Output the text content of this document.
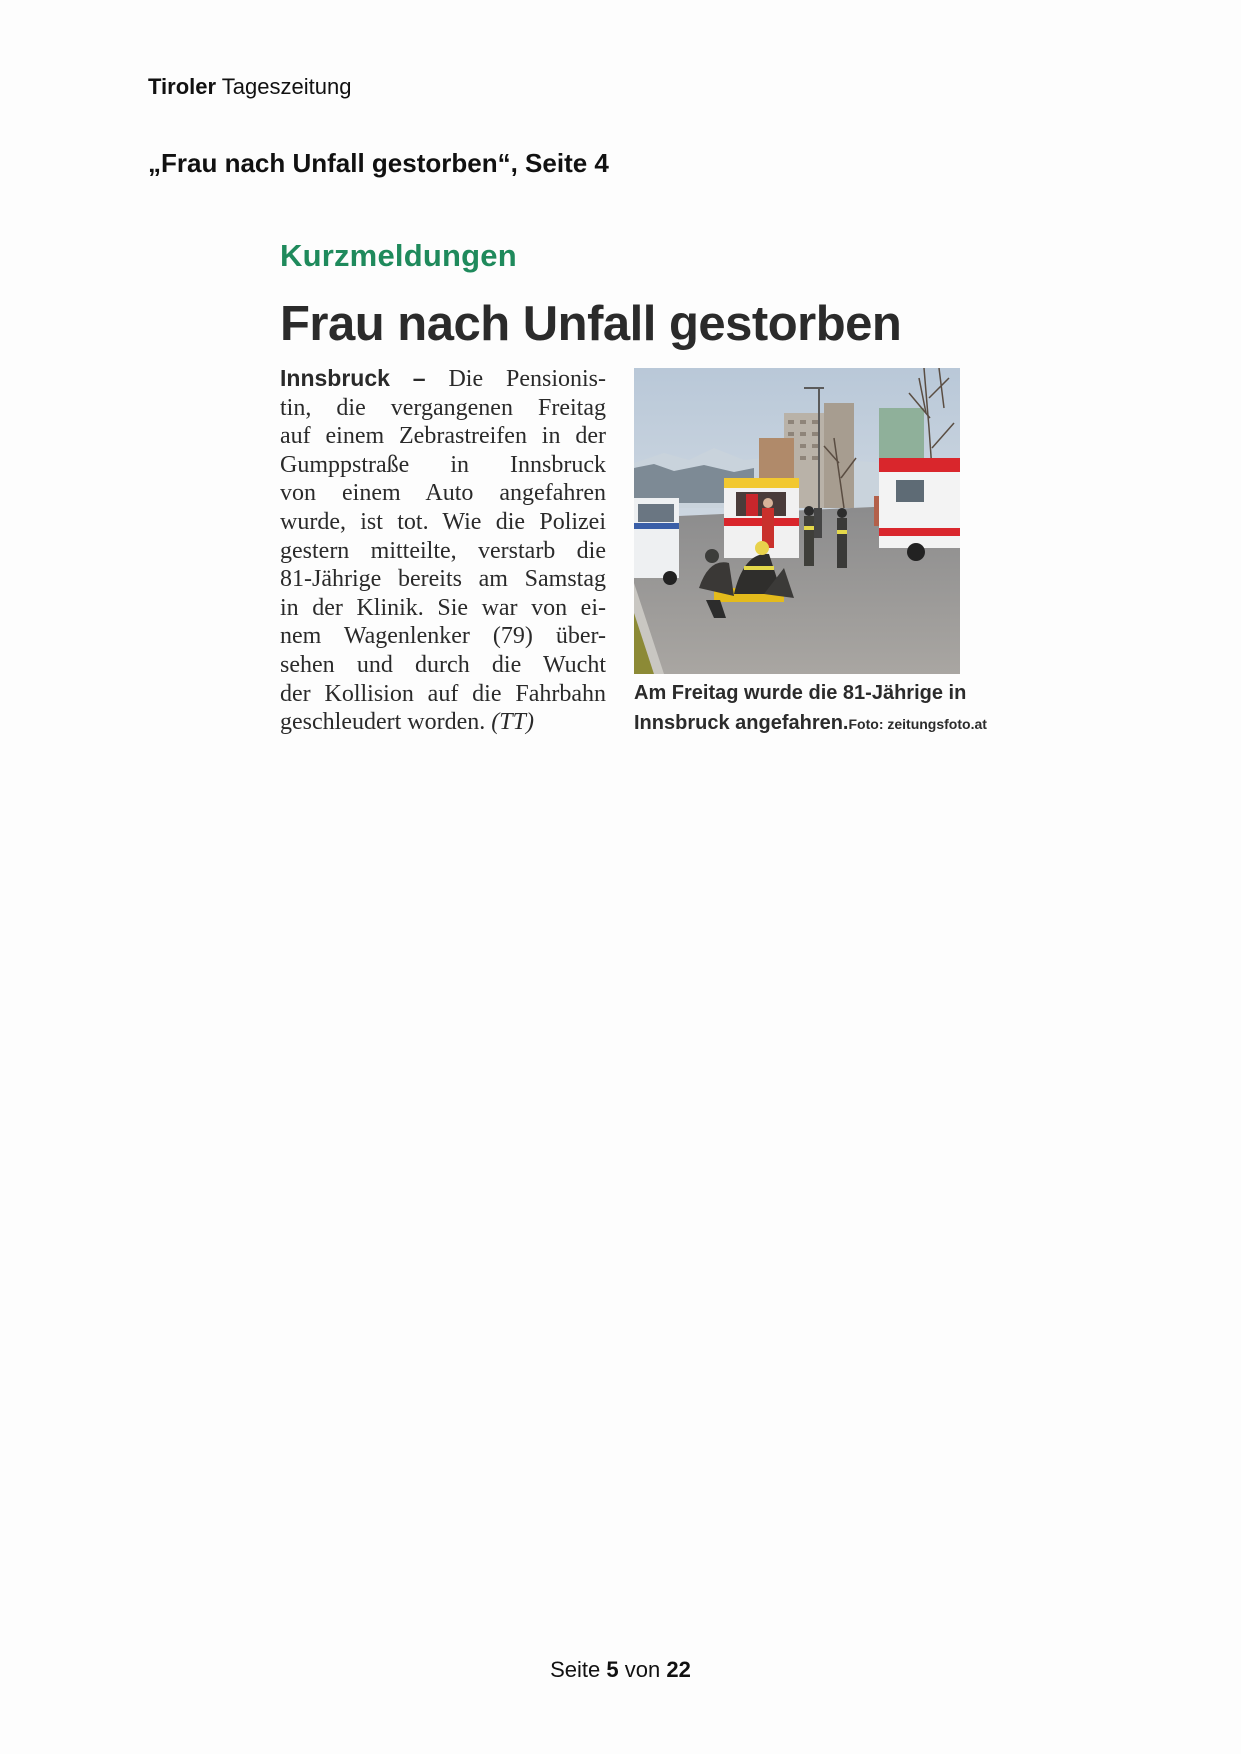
Tiroler Tageszeitung
„Frau nach Unfall gestorben“, Seite 4
Kurzmeldungen
Frau nach Unfall gestorben
Innsbruck – Die Pensionis-
tin, die vergangenen Freitag
auf einem Zebrastreifen in der
Gumppstraße in Innsbruck
von einem Auto angefahren
wurde, ist tot. Wie die Polizei
gestern mitteilte, verstarb die
81-Jährige bereits am Samstag
in der Klinik. Sie war von ei-
nem Wagenlenker (79) über-
sehen und durch die Wucht
der Kollision auf die Fahrbahn
geschleudert worden. (TT)
Am Freitag wurde die 81-Jährige in
Innsbruck angefahren.Foto: zeitungsfoto.at
Seite 5 von 22
